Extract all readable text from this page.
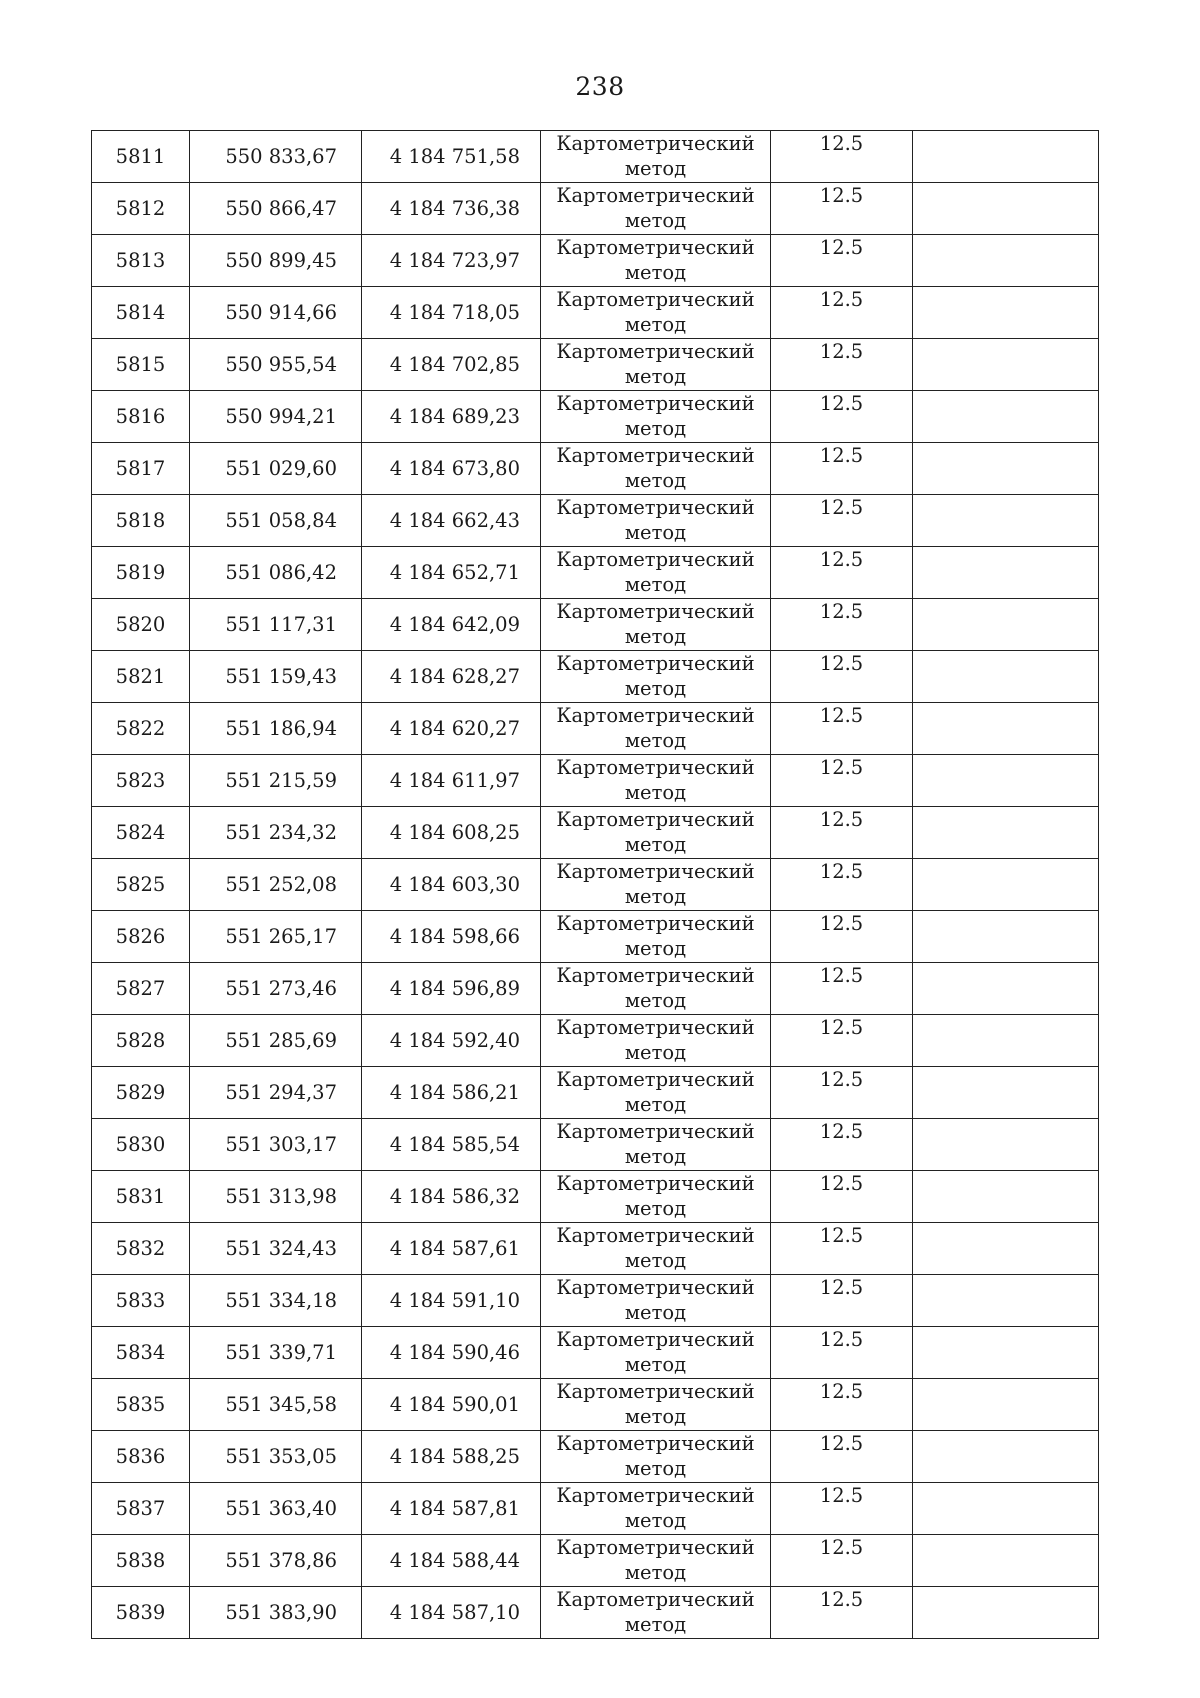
238
5811	550 833,67	4 184 751,58	Картометрический
метод	12.5	
5812	550 866,47	4 184 736,38	Картометрический
метод	12.5	
5813	550 899,45	4 184 723,97	Картометрический
метод	12.5	
5814	550 914,66	4 184 718,05	Картометрический
метод	12.5	
5815	550 955,54	4 184 702,85	Картометрический
метод	12.5	
5816	550 994,21	4 184 689,23	Картометрический
метод	12.5	
5817	551 029,60	4 184 673,80	Картометрический
метод	12.5	
5818	551 058,84	4 184 662,43	Картометрический
метод	12.5	
5819	551 086,42	4 184 652,71	Картометрический
метод	12.5	
5820	551 117,31	4 184 642,09	Картометрический
метод	12.5	
5821	551 159,43	4 184 628,27	Картометрический
метод	12.5	
5822	551 186,94	4 184 620,27	Картометрический
метод	12.5	
5823	551 215,59	4 184 611,97	Картометрический
метод	12.5	
5824	551 234,32	4 184 608,25	Картометрический
метод	12.5	
5825	551 252,08	4 184 603,30	Картометрический
метод	12.5	
5826	551 265,17	4 184 598,66	Картометрический
метод	12.5	
5827	551 273,46	4 184 596,89	Картометрический
метод	12.5	
5828	551 285,69	4 184 592,40	Картометрический
метод	12.5	
5829	551 294,37	4 184 586,21	Картометрический
метод	12.5	
5830	551 303,17	4 184 585,54	Картометрический
метод	12.5	
5831	551 313,98	4 184 586,32	Картометрический
метод	12.5	
5832	551 324,43	4 184 587,61	Картометрический
метод	12.5	
5833	551 334,18	4 184 591,10	Картометрический
метод	12.5	
5834	551 339,71	4 184 590,46	Картометрический
метод	12.5	
5835	551 345,58	4 184 590,01	Картометрический
метод	12.5	
5836	551 353,05	4 184 588,25	Картометрический
метод	12.5	
5837	551 363,40	4 184 587,81	Картометрический
метод	12.5	
5838	551 378,86	4 184 588,44	Картометрический
метод	12.5	
5839	551 383,90	4 184 587,10	Картометрический
метод	12.5	
